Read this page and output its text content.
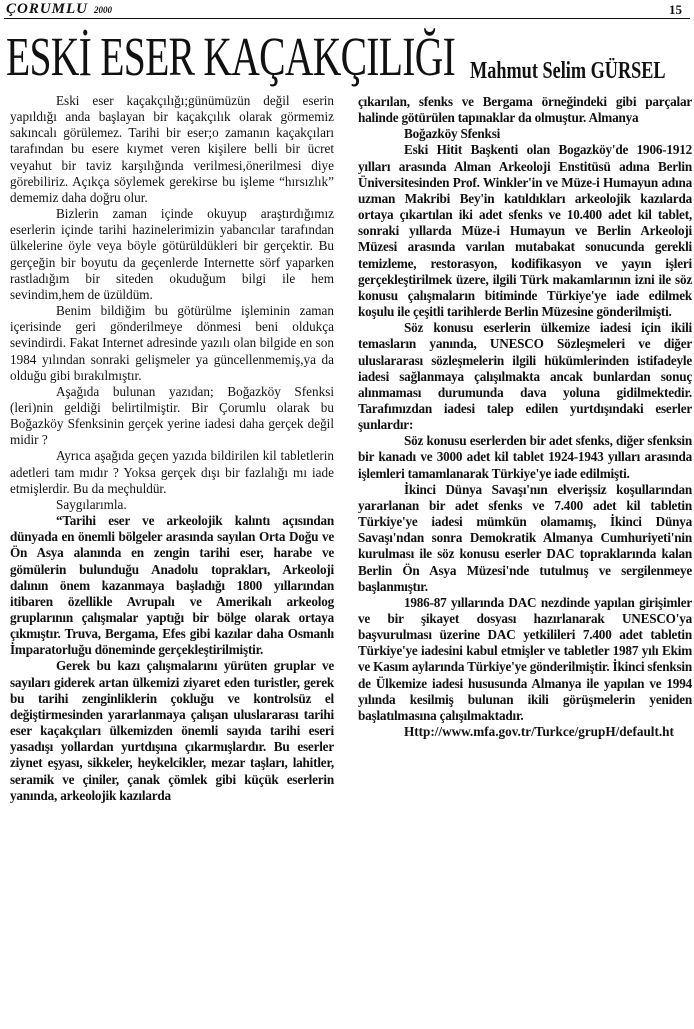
ÇORUMLU 2000	15
ESKİ ESER KAÇAKÇILIĞI Mahmut Selim GÜRSEL

Eski eser kaçakçılığı;günümüzün değil eserin yapıldığı anda başlayan bir kaçakçılık olarak görmemiz sakıncalı görülemez. Tarihi bir eser;o zamanın kaçakçıları tarafından bu esere kıymet veren kişilere belli bir ücret veyahut bir taviz karşılığında verilmesi,önerilmesi diye görebiliriz. Açıkça söylemek gerekirse bu işleme “hırsızlık” dememiz daha doğru olur.

Bizlerin zaman içinde okuyup araştırdığımız eserlerin içinde tarihi hazinelerimizin yabancılar tarafından ülkelerine öyle veya böyle götürüldükleri bir gerçektir. Bu gerçeğin bir boyutu da geçenlerde Internette sörf yaparken rastladığım bir siteden okuduğum bilgi ile hem sevindim,hem de üzüldüm.

Benim bildiğim bu götürülme işleminin zaman içerisinde geri gönderilmeye dönmesi beni oldukça sevindirdi. Fakat Internet adresinde yazılı olan bilgide en son 1984 yılından sonraki gelişmeler ya güncellenmemiş,ya da olduğu gibi bırakılmıştır.

Aşağıda bulunan yazıdan; Boğazköy Sfenksi (leri)nin geldiği belirtilmiştir. Bir Çorumlu olarak bu Boğazköy Sfenksinin gerçek yerine iadesi daha gerçek değil midir ?

Ayrıca aşağıda geçen yazıda bildirilen kil tabletlerin adetleri tam mıdır ? Yoksa gerçek dışı bir fazlalığı mı iade etmişlerdir. Bu da meçhuldür.

Saygılarımla.

“Tarihi eser ve arkeolojik kalıntı açısından dünyada en önemli bölgeler arasında sayılan Orta Doğu ve Ön Asya alanında en zengin tarihi eser, harabe ve gömülerin bulunduğu Anadolu toprakları, Arkeoloji dalının önem kazanmaya başladığı 1800 yıllarından itibaren özellikle Avrupalı ve Amerikalı arkeolog gruplarının çalışmalar yaptığı bir bölge olarak ortaya çıkmıştır. Truva, Bergama, Efes gibi kazılar daha Osmanlı İmparatorluğu döneminde gerçekleştirilmiştir.

Gerek bu kazı çalışmalarını yürüten gruplar ve sayıları giderek artan ülkemizi ziyaret eden turistler, gerek bu tarihi zenginliklerin çokluğu ve kontrolsüz el değiştirmesinden yararlanmaya çalışan uluslararası tarihi eser kaçakçıları ülkemizden önemli sayıda tarihi eseri yasadışı yollardan yurtdışına çıkarmışlardır. Bu eserler ziynet eşyası, sikkeler, heykelcikler, mezar taşları, lahitler, seramik ve çiniler, çanak çömlek gibi küçük eserlerin yanında, arkeolojik kazılarda

çıkarılan, sfenks ve Bergama örneğindeki gibi parçalar halinde götürülen tapınaklar da olmuştur. Almanya

Boğazköy Sfenksi

Eski Hitit Başkenti olan Bogazköy'de 1906-1912 yılları arasında Alman Arkeoloji Enstitüsü adına Berlin Üniversitesinden Prof. Winkler'in ve Müze-i Humayun adına uzman Makribi Bey'in katıldıkları arkeolojik kazılarda ortaya çıkartılan iki adet sfenks ve 10.400 adet kil tablet, sonraki yıllarda Müze-i Humayun ve Berlin Arkeoloji Müzesi arasında varılan mutabakat sonucunda gerekli temizleme, restorasyon, kodifikasyon ve yayın işleri gerçekleştirilmek üzere, ilgili Türk makamlarının izni ile söz konusu çalışmaların bitiminde Türkiye'ye iade edilmek koşulu ile çeşitli tarihlerde Berlin Müzesine gönderilmişti.

Söz konusu eserlerin ülkemize iadesi için ikili temasların yanında, UNESCO Sözleşmeleri ve diğer uluslararası sözleşmelerin ilgili hükümlerinden istifadeyle iadesi sağlanmaya çalışılmakta ancak bunlardan sonuç alınmaması durumunda dava yoluna gidilmektedir. Tarafımızdan iadesi talep edilen yurtdışındaki eserler şunlardır:

Söz konusu eserlerden bir adet sfenks, diğer sfenksin bir kanadı ve 3000 adet kil tablet 1924-1943 yılları arasında işlemleri tamamlanarak Türkiye'ye iade edilmişti.

İkinci Dünya Savaşı'nın elverişsiz koşullarından yararlanan bir adet sfenks ve 7.400 adet kil tabletin Türkiye'ye iadesi mümkün olamamış, İkinci Dünya Savaşı'ndan sonra Demokratik Almanya Cumhuriyeti'nin kurulması ile söz konusu eserler DAC topraklarında kalan Berlin Ön Asya Müzesi'nde tutulmuş ve sergilenmeye başlanmıştır.

1986-87 yıllarında DAC nezdinde yapılan girişimler ve bir şikayet dosyası hazırlanarak UNESCO'ya başvurulması üzerine DAC yetkilileri 7.400 adet tabletin Türkiye'ye iadesini kabul etmişler ve tabletler 1987 yılı Ekim ve Kasım aylarında Türkiye'ye gönderilmiştir. İkinci sfenksin de Ülkemize iadesi hususunda Almanya ile yapılan ve 1994 yılında kesilmiş bulunan ikili görüşmelerin yeniden başlatılmasına çalışılmaktadır.

Http://www.mfa.gov.tr/Turkce/grupH/default.ht
